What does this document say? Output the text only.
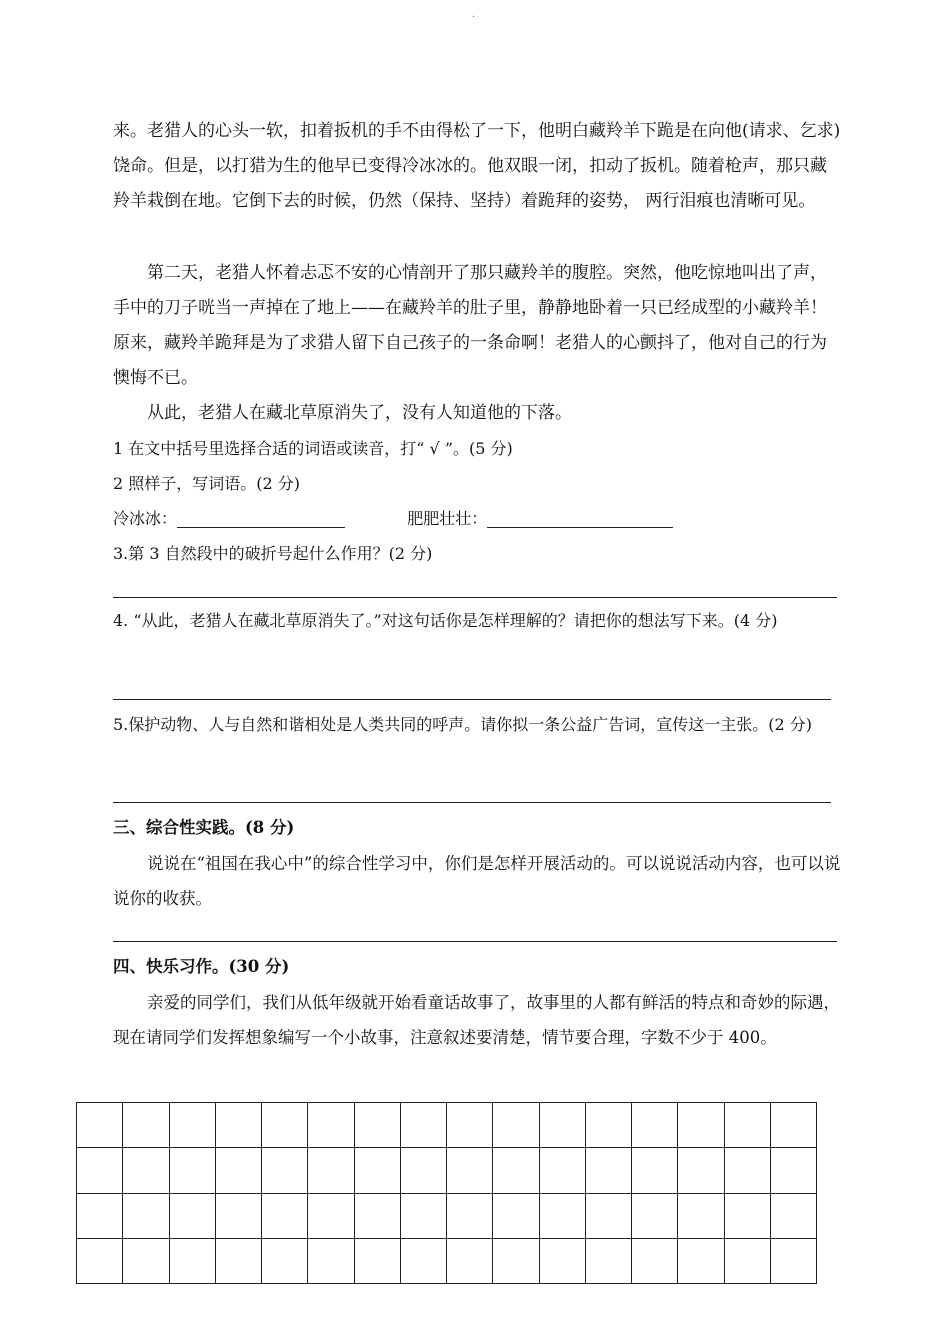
·

来。老猎人的心头一软，扣着扳机的手不由得松了一下，他明白藏羚羊下跪是在向他(请求、乞求)饶命。但是，以打猎为生的他早已变得冷冰冰的。他双眼一闭，扣动了扳机。随着枪声，那只藏羚羊栽倒在地。它倒下去的时候，仍然（保持、坚持）着跪拜的姿势， 两行泪痕也清晰可见。

第二天，老猎人怀着忐忑不安的心情剖开了那只藏羚羊的腹腔。突然，他吃惊地叫出了声，手中的刀子咣当一声掉在了地上——在藏羚羊的肚子里，静静地卧着一只已经成型的小藏羚羊！原来，藏羚羊跪拜是为了求猎人留下自己孩子的一条命啊！老猎人的心颤抖了，他对自己的行为懊悔不已。

从此，老猎人在藏北草原消失了，没有人知道他的下落。

1 在文中括号里选择合适的词语或读音，打“ √ ”。(5 分)

2 照样子，写词语。(2 分)

冷冰冰：	肥肥壮壮：

3.第 3 自然段中的破折号起什么作用？(2 分)

4. “从此，老猎人在藏北草原消失了。”对这句话你是怎样理解的？请把你的想法写下来。(4 分)

5.保护动物、人与自然和谐相处是人类共同的呼声。请你拟一条公益广告词，宣传这一主张。(2 分)

三、综合性实践。(8 分)

说说在“祖国在我心中”的综合性学习中，你们是怎样开展活动的。可以说说活动内容，也可以说说你的收获。

四、快乐习作。(30 分)

亲爱的同学们，我们从低年级就开始看童话故事了，故事里的人都有鲜活的特点和奇妙的际遇，现在请同学们发挥想象编写一个小故事，注意叙述要清楚，情节要合理，字数不少于 400。
